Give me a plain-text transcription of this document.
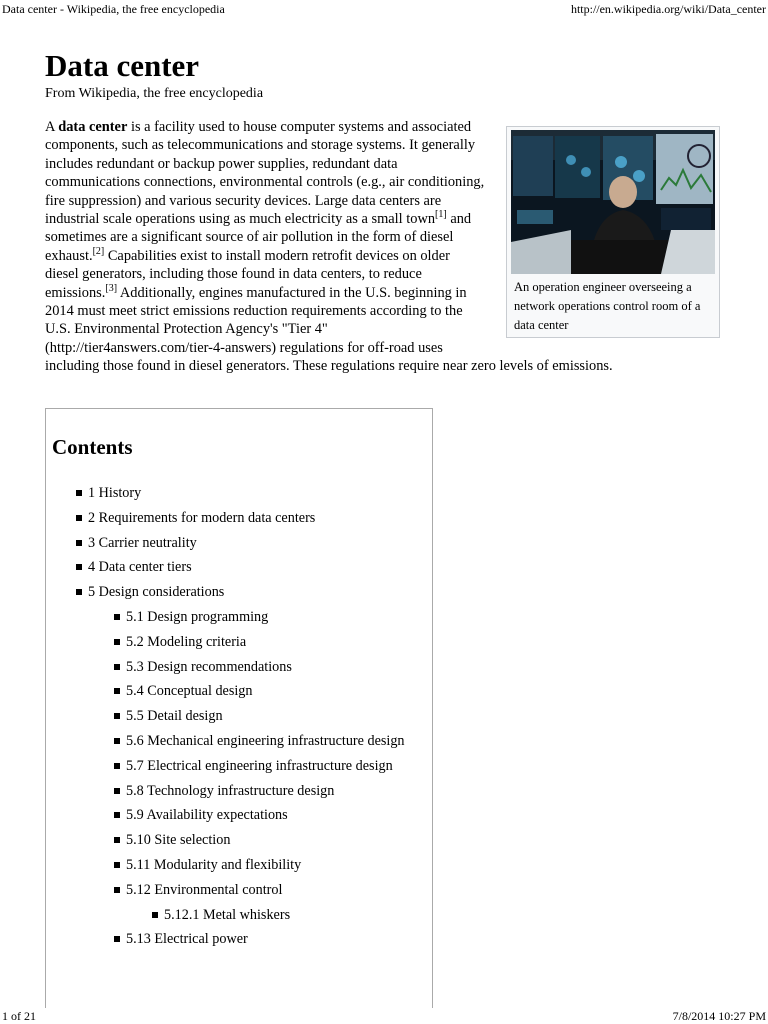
Data center - Wikipedia, the free encyclopedia	http://en.wikipedia.org/wiki/Data_center
Data center
From Wikipedia, the free encyclopedia
An operation engineer overseeing a network operations control room of a data center

A data center is a facility used to house computer systems and associated components, such as telecommunications and storage systems. It generally includes redundant or backup power supplies, redundant data communications connections, environmental controls (e.g., air conditioning, fire suppression) and various security devices. Large data centers are industrial scale operations using as much electricity as a small town[1] and sometimes are a significant source of air pollution in the form of diesel exhaust.[2] Capabilities exist to install modern retrofit devices on older diesel generators, including those found in data centers, to reduce emissions.[3] Additionally, engines manufactured in the U.S. beginning in 2014 must meet strict emissions reduction requirements according to the U.S. Environmental Protection Agency's "Tier 4" (http://tier4answers.com/tier-4-answers) regulations for off-road uses including those found in diesel generators. These regulations require near zero levels of emissions.

Contents
1 History
2 Requirements for modern data centers
3 Carrier neutrality
4 Data center tiers
5 Design considerations
5.1 Design programming
5.2 Modeling criteria
5.3 Design recommendations
5.4 Conceptual design
5.5 Detail design
5.6 Mechanical engineering infrastructure design
5.7 Electrical engineering infrastructure design
5.8 Technology infrastructure design
5.9 Availability expectations
5.10 Site selection
5.11 Modularity and flexibility
5.12 Environmental control
5.12.1 Metal whiskers
5.13 Electrical power
1 of 21	7/8/2014 10:27 PM
